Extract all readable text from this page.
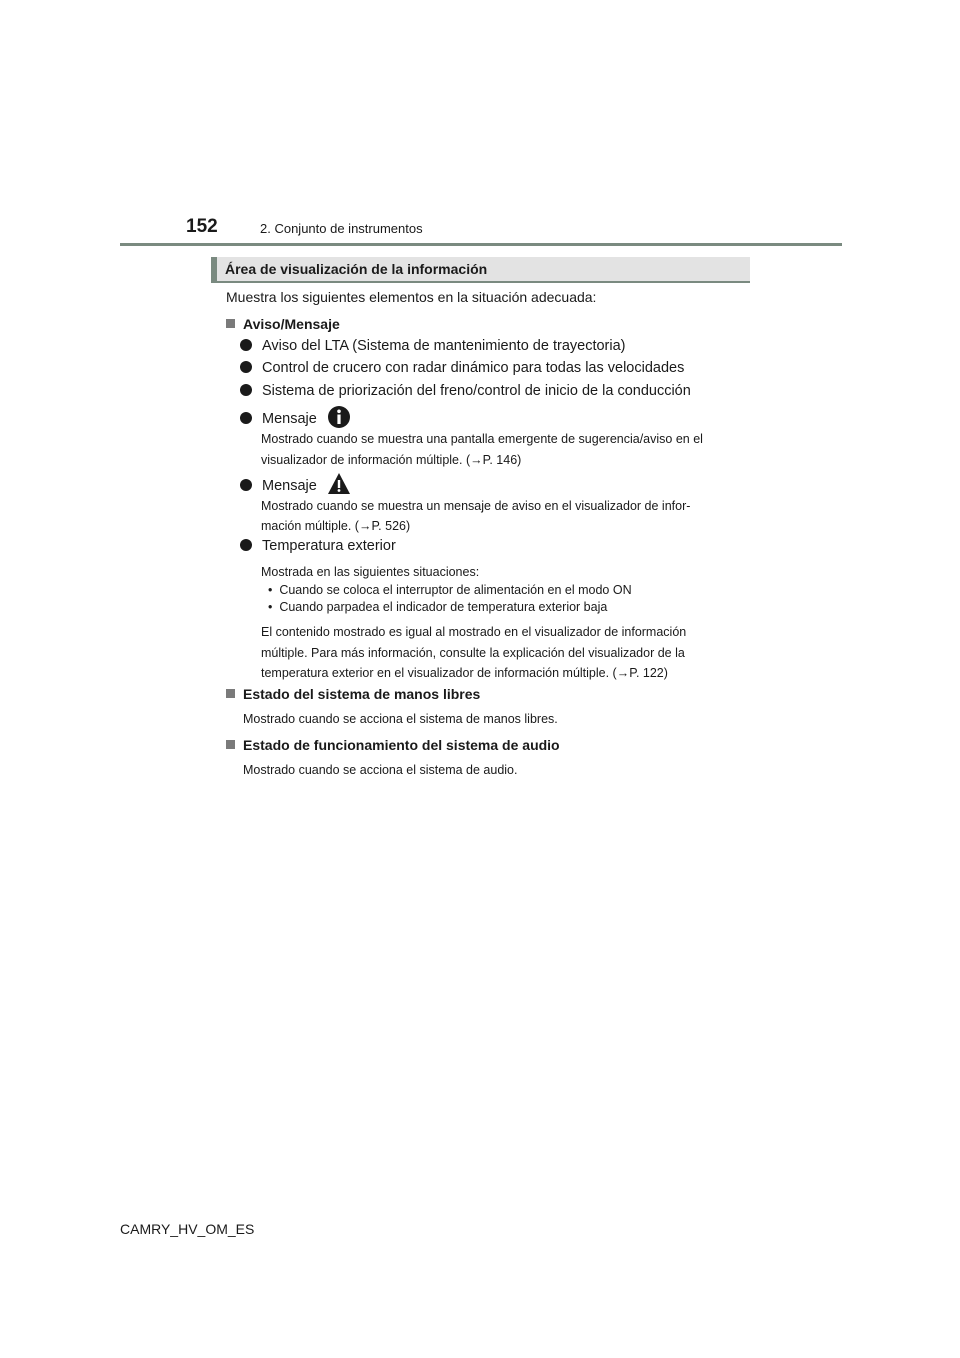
152	2. Conjunto de instrumentos
Área de visualización de la información
Muestra los siguientes elementos en la situación adecuada:
Aviso/Mensaje
Aviso del LTA (Sistema de mantenimiento de trayectoria)
Control de crucero con radar dinámico para todas las velocidades
Sistema de priorización del freno/control de inicio de la conducción
Mensaje
Mostrado cuando se muestra una pantalla emergente de sugerencia/aviso en el
visualizador de información múltiple. (→P. 146)
Mensaje
Mostrado cuando se muestra un mensaje de aviso en el visualizador de infor-
mación múltiple. (→P. 526)
Temperatura exterior
Mostrada en las siguientes situaciones:
•  Cuando se coloca el interruptor de alimentación en el modo ON
•  Cuando parpadea el indicador de temperatura exterior baja
El contenido mostrado es igual al mostrado en el visualizador de información
múltiple. Para más información, consulte la explicación del visualizador de la
temperatura exterior en el visualizador de información múltiple. (→P. 122)
Estado del sistema de manos libres
Mostrado cuando se acciona el sistema de manos libres.
Estado de funcionamiento del sistema de audio
Mostrado cuando se acciona el sistema de audio.
CAMRY_HV_OM_ES
